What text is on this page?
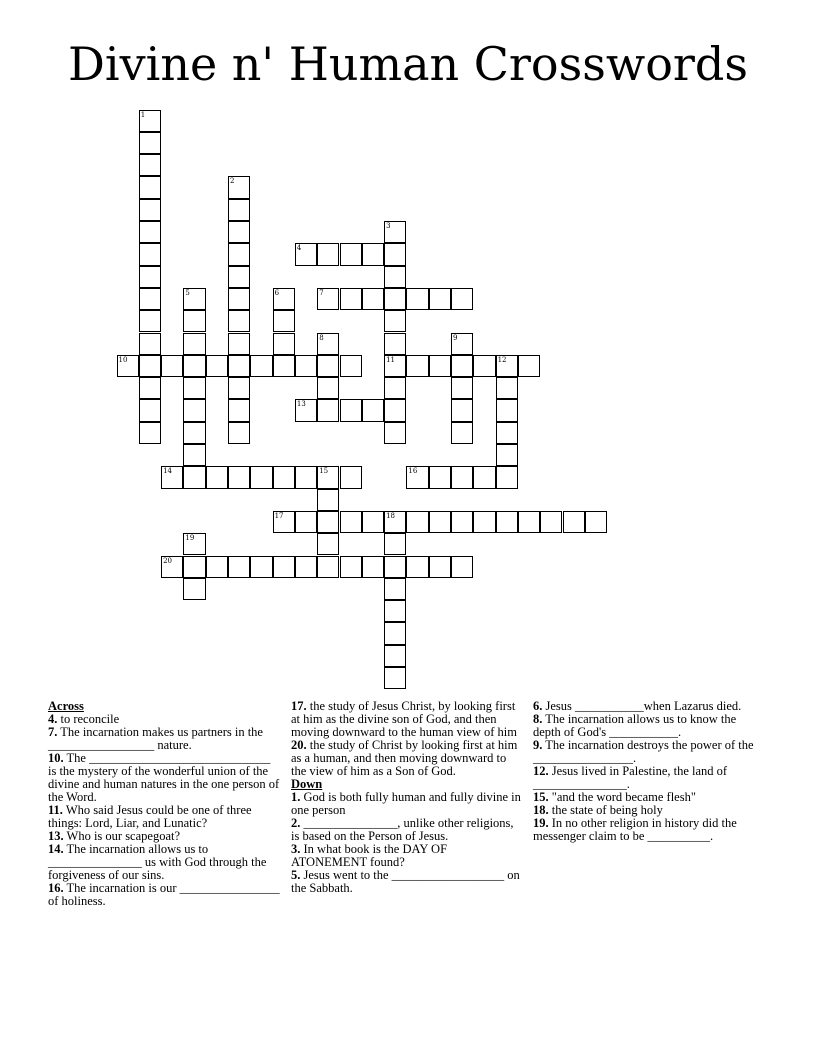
Divine n' Human Crosswords
1
2
3
11
4
5	6	7
8	9
10	12
13
14	15	16
17	18
19
20
Across
4. to reconcile
7. The incarnation makes us partners in the _________________ nature.
10. The _____________________________ is the mystery of the wonderful union of the divine and human natures in the one person of the Word.
11. Who said Jesus could be one of three things: Lord, Liar, and Lunatic?
13. Who is our scapegoat?
14. The incarnation allows us to _______________ us with God through the forgiveness of our sins.
16. The incarnation is our ________________ of holiness.
17. the study of Jesus Christ, by looking first at him as the divine son of God, and then moving downward to the human view of him
20. the study of Christ by looking first at him as a human, and then moving downward to the view of him as a Son of God.
Down
1. God is both fully human and fully divine in one person
2. _______________, unlike other religions, is based on the Person of Jesus.
3. In what book is the DAY OF ATONEMENT found?
5. Jesus went to the __________________ on the Sabbath.
6. Jesus ___________when Lazarus died.
8. The incarnation allows us to know the depth of God's ___________.
9. The incarnation destroys the power of the ________________.
12. Jesus lived in Palestine, the land of _______________.
15. "and the word became flesh"
18. the state of being holy
19. In no other religion in history did the messenger claim to be __________.
